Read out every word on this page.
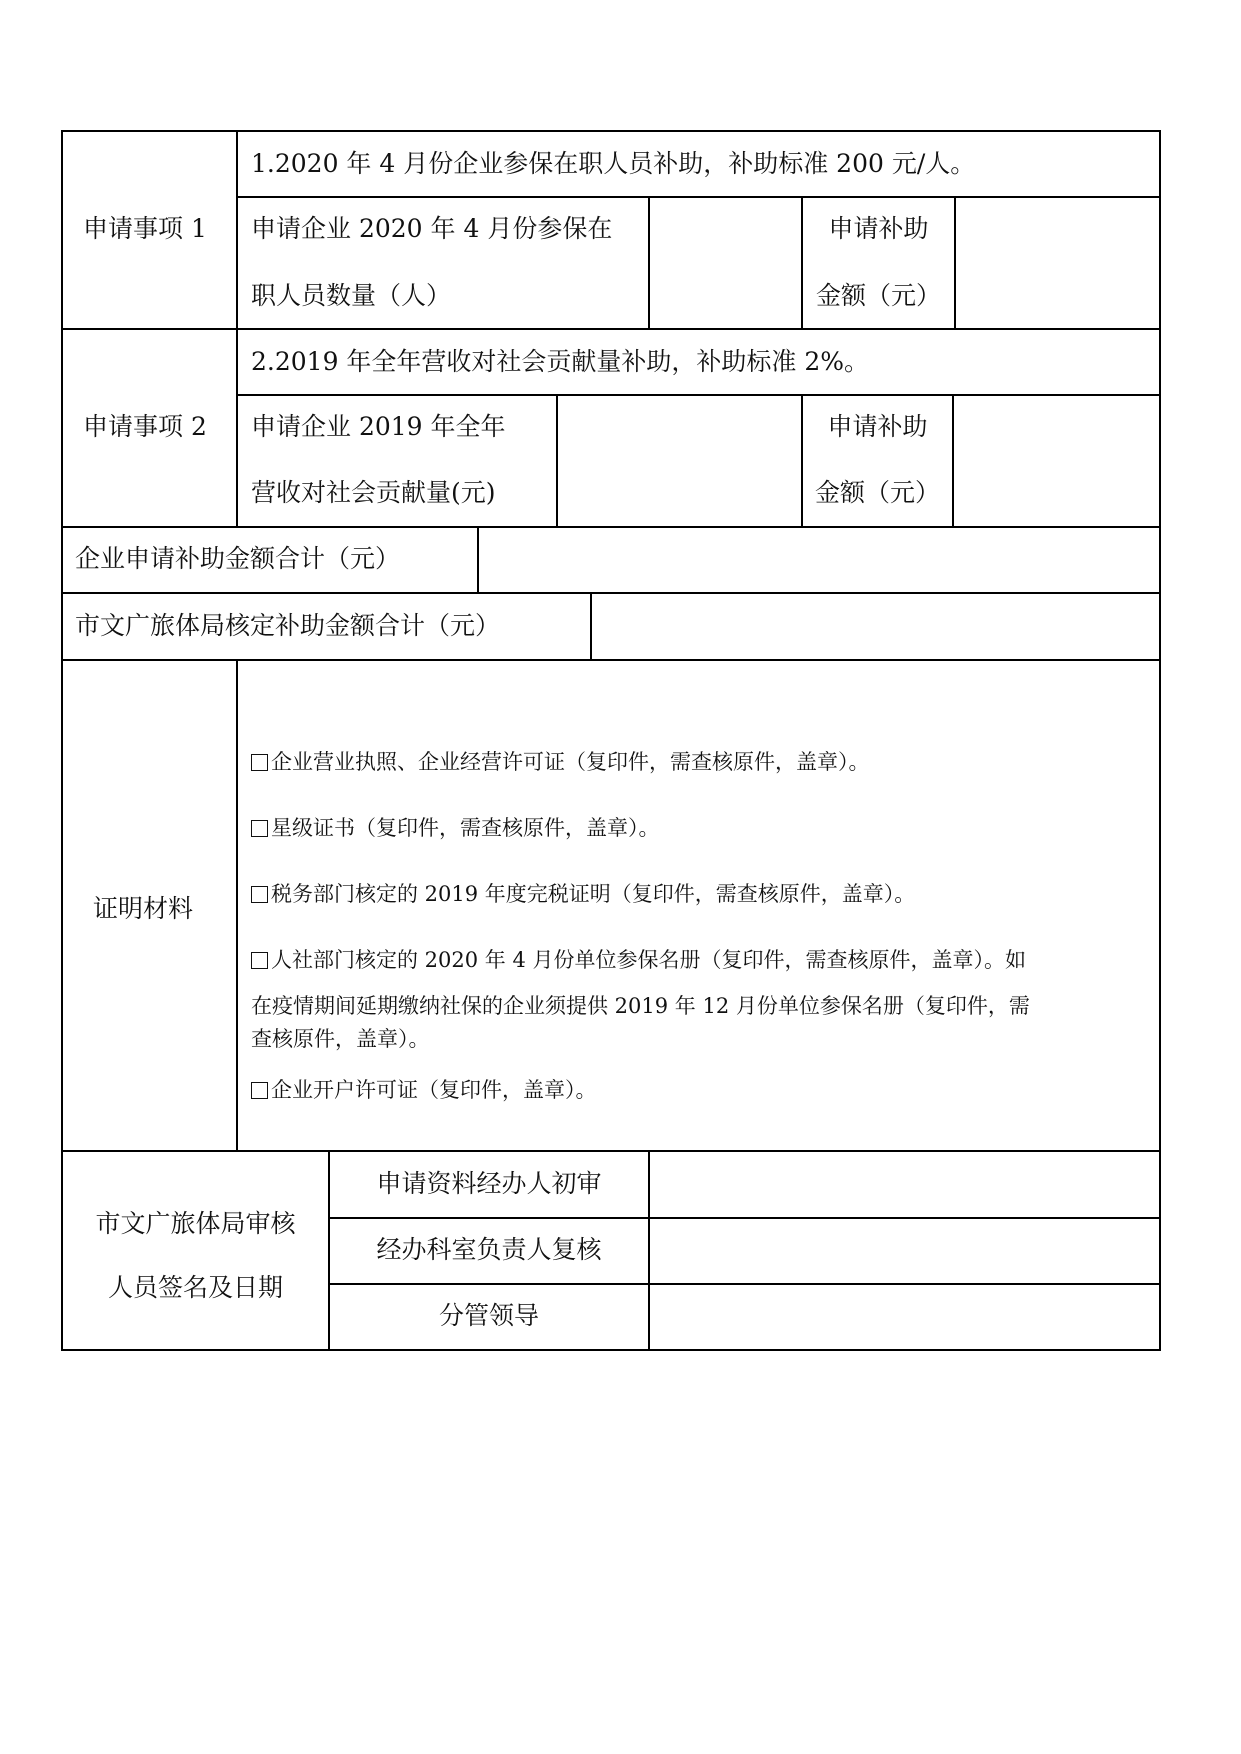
申请事项 1
1.2020 年 4 月份企业参保在职人员补助，补助标准 200 元/人。
申请企业 2020 年 4 月份参保在
职人员数量（人）
申请补助
金额（元）
申请事项 2
2.2019 年全年营收对社会贡献量补助，补助标准 2%。
申请企业 2019 年全年
营收对社会贡献量(元)
申请补助
金额（元）
企业申请补助金额合计（元）
市文广旅体局核定补助金额合计（元）
证明材料
企业营业执照、企业经营许可证（复印件，需查核原件，盖章）。
星级证书（复印件，需查核原件，盖章）。
税务部门核定的 2019 年度完税证明（复印件，需查核原件，盖章）。
人社部门核定的 2020 年 4 月份单位参保名册（复印件，需查核原件，盖章）。如
在疫情期间延期缴纳社保的企业须提供 2019 年 12 月份单位参保名册（复印件，需
查核原件，盖章）。
企业开户许可证（复印件，盖章）。
市文广旅体局审核
人员签名及日期
申请资料经办人初审
经办科室负责人复核
分管领导
